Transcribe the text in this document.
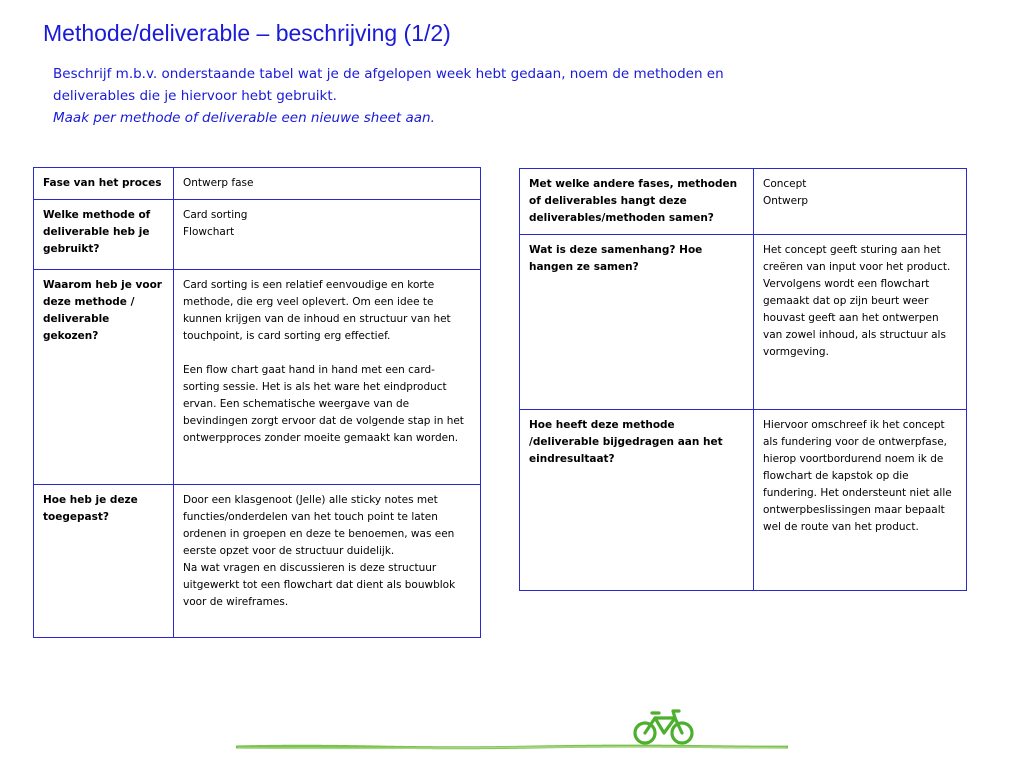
Methode/deliverable – beschrijving (1/2)
Beschrijf m.b.v. onderstaande tabel wat je de afgelopen week hebt gedaan, noem de methoden en
deliverables die je hiervoor hebt gebruikt.
Maak per methode of deliverable een nieuwe sheet aan.
Fase van het proces	Ontwerp fase

Welke methode of deliverable heb je gebruikt?	Card sorting
Flowchart

Waarom heb je voor deze methode / deliverable gekozen?	Card sorting is een relatief eenvoudige en korte methode, die erg veel oplevert. Om een idee te kunnen krijgen van de inhoud en structuur van het touchpoint, is card sorting erg effectief.
Een flow chart gaat hand in hand met een card-sorting sessie. Het is als het ware het eindproduct ervan. Een schematische weergave van de bevindingen zorgt ervoor dat de volgende stap in het ontwerpproces zonder moeite gemaakt kan worden.

Hoe heb je deze toegepast?	Door een klasgenoot (Jelle) alle sticky notes met functies/onderdelen van het touch point te laten ordenen in groepen en deze te benoemen, was een eerste opzet voor de structuur duidelijk.
Na wat vragen en discussieren is deze structuur uitgewerkt tot een flowchart dat dient als bouwblok voor de wireframes.
Met welke andere fases, methoden of deliverables hangt deze deliverables/methoden samen?	Concept
Ontwerp

Wat is deze samenhang? Hoe hangen ze samen?	Het concept geeft sturing aan het creëren van input voor het product. Vervolgens wordt een flowchart gemaakt dat op zijn beurt weer houvast geeft aan het ontwerpen van zowel inhoud, als structuur als vormgeving.

Hoe heeft deze methode /deliverable bijgedragen aan het eindresultaat?	Hiervoor omschreef ik het concept als fundering voor de ontwerpfase, hierop voortbordurend noem ik de flowchart de kapstok op die fundering. Het ondersteunt niet alle ontwerpbeslissingen maar bepaalt wel de route van het product.
